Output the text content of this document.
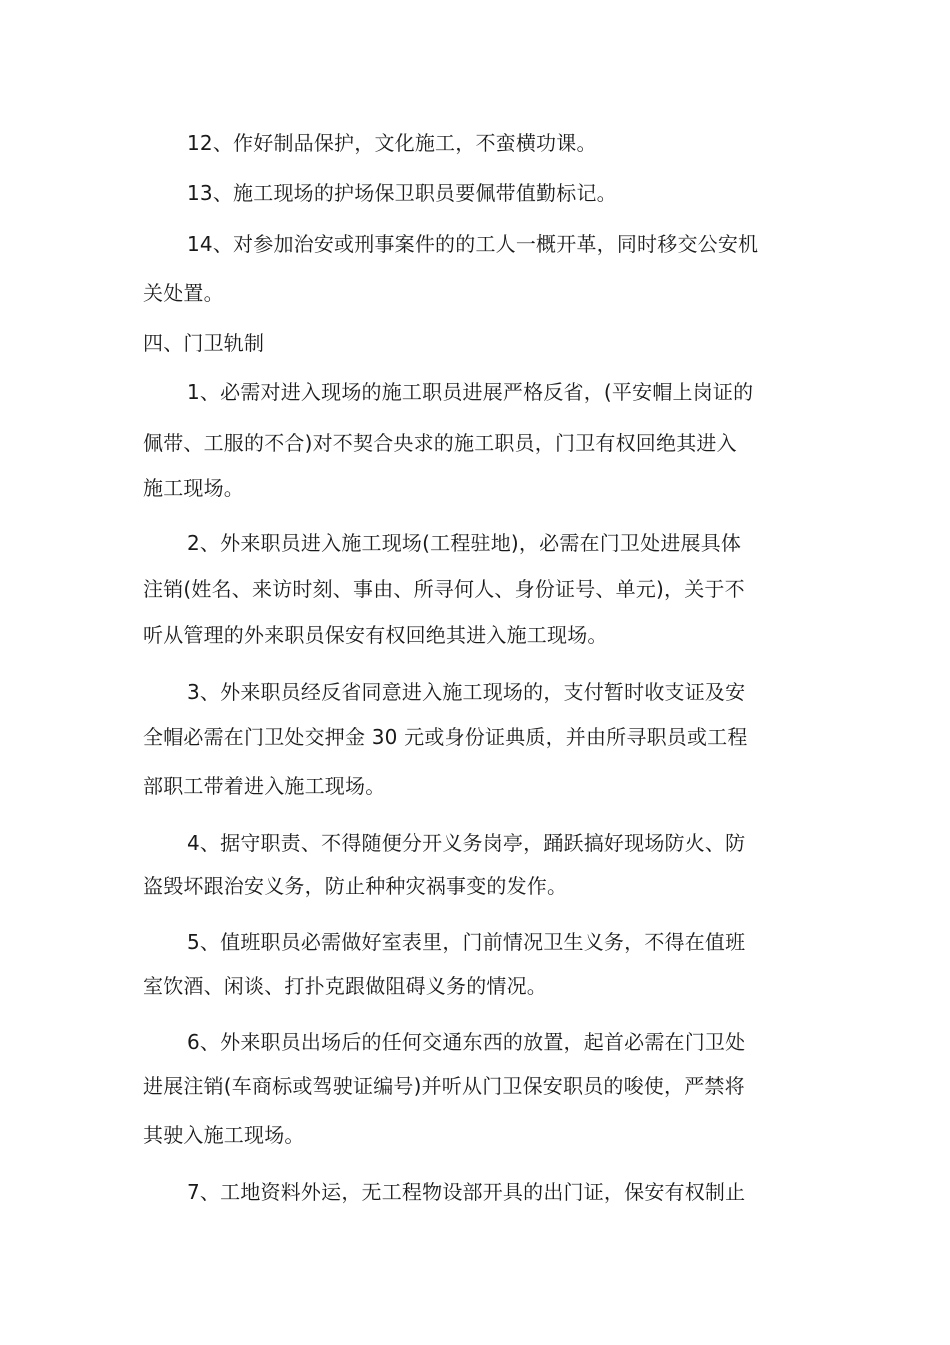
12、作好制品保护，文化施工，不蛮横功课。
13、施工现场的护场保卫职员要佩带值勤标记。
14、对参加治安或刑事案件的的工人一概开革，同时移交公安机
关处置。
四、门卫轨制
1、必需对进入现场的施工职员进展严格反省，(平安帽上岗证的
佩带、工服的不合)对不契合央求的施工职员，门卫有权回绝其进入
施工现场。
2、外来职员进入施工现场(工程驻地)，必需在门卫处进展具体
注销(姓名、来访时刻、事由、所寻何人、身份证号、单元)，关于不
听从管理的外来职员保安有权回绝其进入施工现场。
3、外来职员经反省同意进入施工现场的，支付暂时收支证及安
全帽必需在门卫处交押金 30 元或身份证典质，并由所寻职员或工程
部职工带着进入施工现场。
4、据守职责、不得随便分开义务岗亭，踊跃搞好现场防火、防
盗毁坏跟治安义务，防止种种灾祸事变的发作。
5、值班职员必需做好室表里，门前情况卫生义务，不得在值班
室饮酒、闲谈、打扑克跟做阻碍义务的情况。
6、外来职员出场后的任何交通东西的放置，起首必需在门卫处
进展注销(车商标或驾驶证编号)并听从门卫保安职员的唆使，严禁将
其驶入施工现场。
7、工地资料外运，无工程物设部开具的出门证，保安有权制止
